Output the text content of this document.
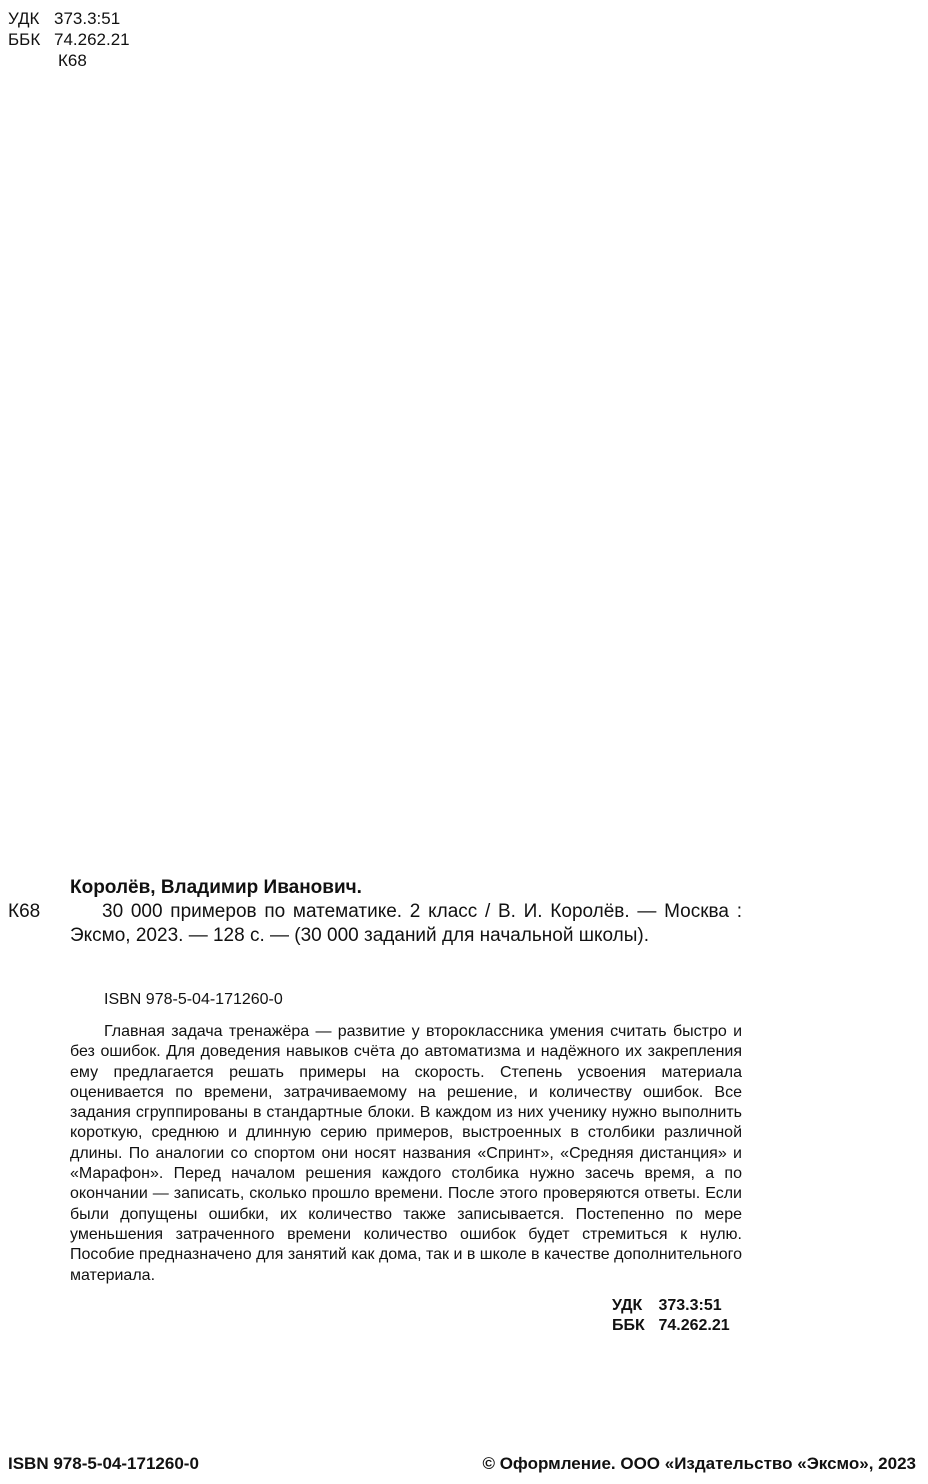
УДК 373.3:51
ББК 74.262.21
К68
Королёв, Владимир Иванович.

К68	30 000 примеров по математике. 2 класс / В. И. Королёв. — Москва : Эксмо, 2023. — 128 с. — (30 000 заданий для начальной школы).

ISBN 978-5-04-171260-0

Главная задача тренажёра — развитие у второклассника умения считать быстро и без ошибок. Для доведения навыков счёта до автоматизма и надёжного их закрепления ему предлагается решать примеры на скорость. Степень усвоения материала оценивается по времени, затрачиваемому на решение, и количеству ошибок. Все задания сгруппированы в стандартные блоки. В каждом из них ученику нужно выполнить короткую, среднюю и длинную серию примеров, выстроенных в столбики различной длины. По аналогии со спортом они носят названия «Спринт», «Средняя дистанция» и «Марафон». Перед началом решения каждого столбика нужно засечь время, а по окончании — записать, сколько прошло времени. После этого проверяются ответы. Если были допущены ошибки, их количество также записывается. Постепенно по мере уменьшения затраченного времени количество ошибок будет стремиться к нулю. Пособие предназначено для занятий как дома, так и в школе в качестве дополнительного материала.

УДК 373.3:51
ББК 74.262.21
ISBN 978-5-04-171260-0	© Оформление. ООО «Издательство «Эксмо», 2023
